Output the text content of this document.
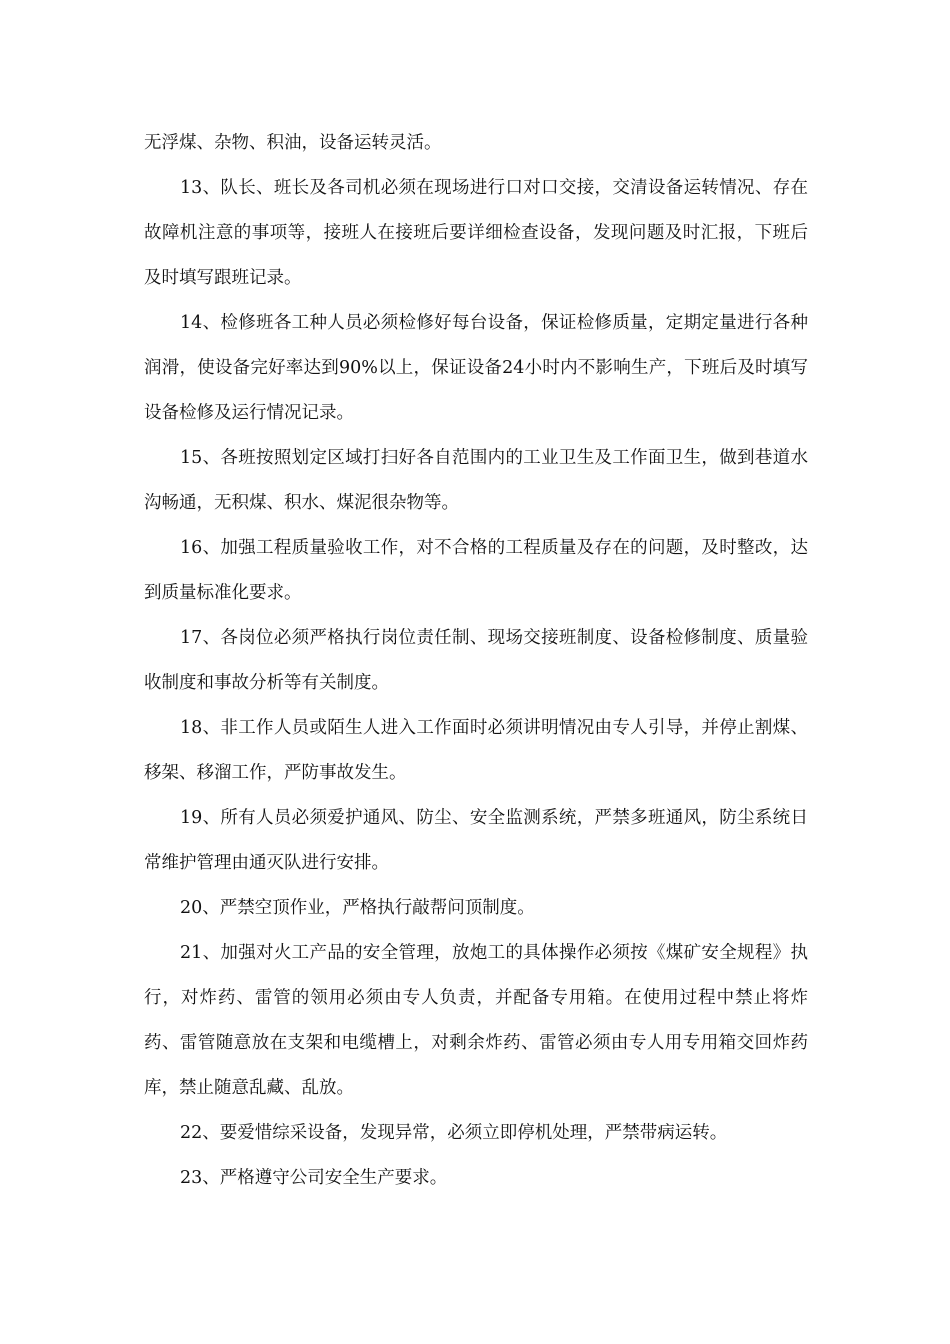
无浮煤、杂物、积油，设备运转灵活。

13、队长、班长及各司机必须在现场进行口对口交接，交清设备运转情况、存在故障机注意的事项等，接班人在接班后要详细检查设备，发现问题及时汇报，下班后及时填写跟班记录。

14、检修班各工种人员必须检修好每台设备，保证检修质量，定期定量进行各种润滑，使设备完好率达到90%以上，保证设备24小时内不影响生产，下班后及时填写设备检修及运行情况记录。

15、各班按照划定区域打扫好各自范围内的工业卫生及工作面卫生，做到巷道水沟畅通，无积煤、积水、煤泥很杂物等。

16、加强工程质量验收工作，对不合格的工程质量及存在的问题，及时整改，达到质量标准化要求。

17、各岗位必须严格执行岗位责任制、现场交接班制度、设备检修制度、质量验收制度和事故分析等有关制度。

18、非工作人员或陌生人进入工作面时必须讲明情况由专人引导，并停止割煤、移架、移溜工作，严防事故发生。

19、所有人员必须爱护通风、防尘、安全监测系统，严禁多班通风，防尘系统日常维护管理由通灭队进行安排。

20、严禁空顶作业，严格执行敲帮问顶制度。

21、加强对火工产品的安全管理，放炮工的具体操作必须按《煤矿安全规程》执行，对炸药、雷管的领用必须由专人负责，并配备专用箱。在使用过程中禁止将炸药、雷管随意放在支架和电缆槽上，对剩余炸药、雷管必须由专人用专用箱交回炸药库，禁止随意乱藏、乱放。

22、要爱惜综采设备，发现异常，必须立即停机处理，严禁带病运转。

23、严格遵守公司安全生产要求。
